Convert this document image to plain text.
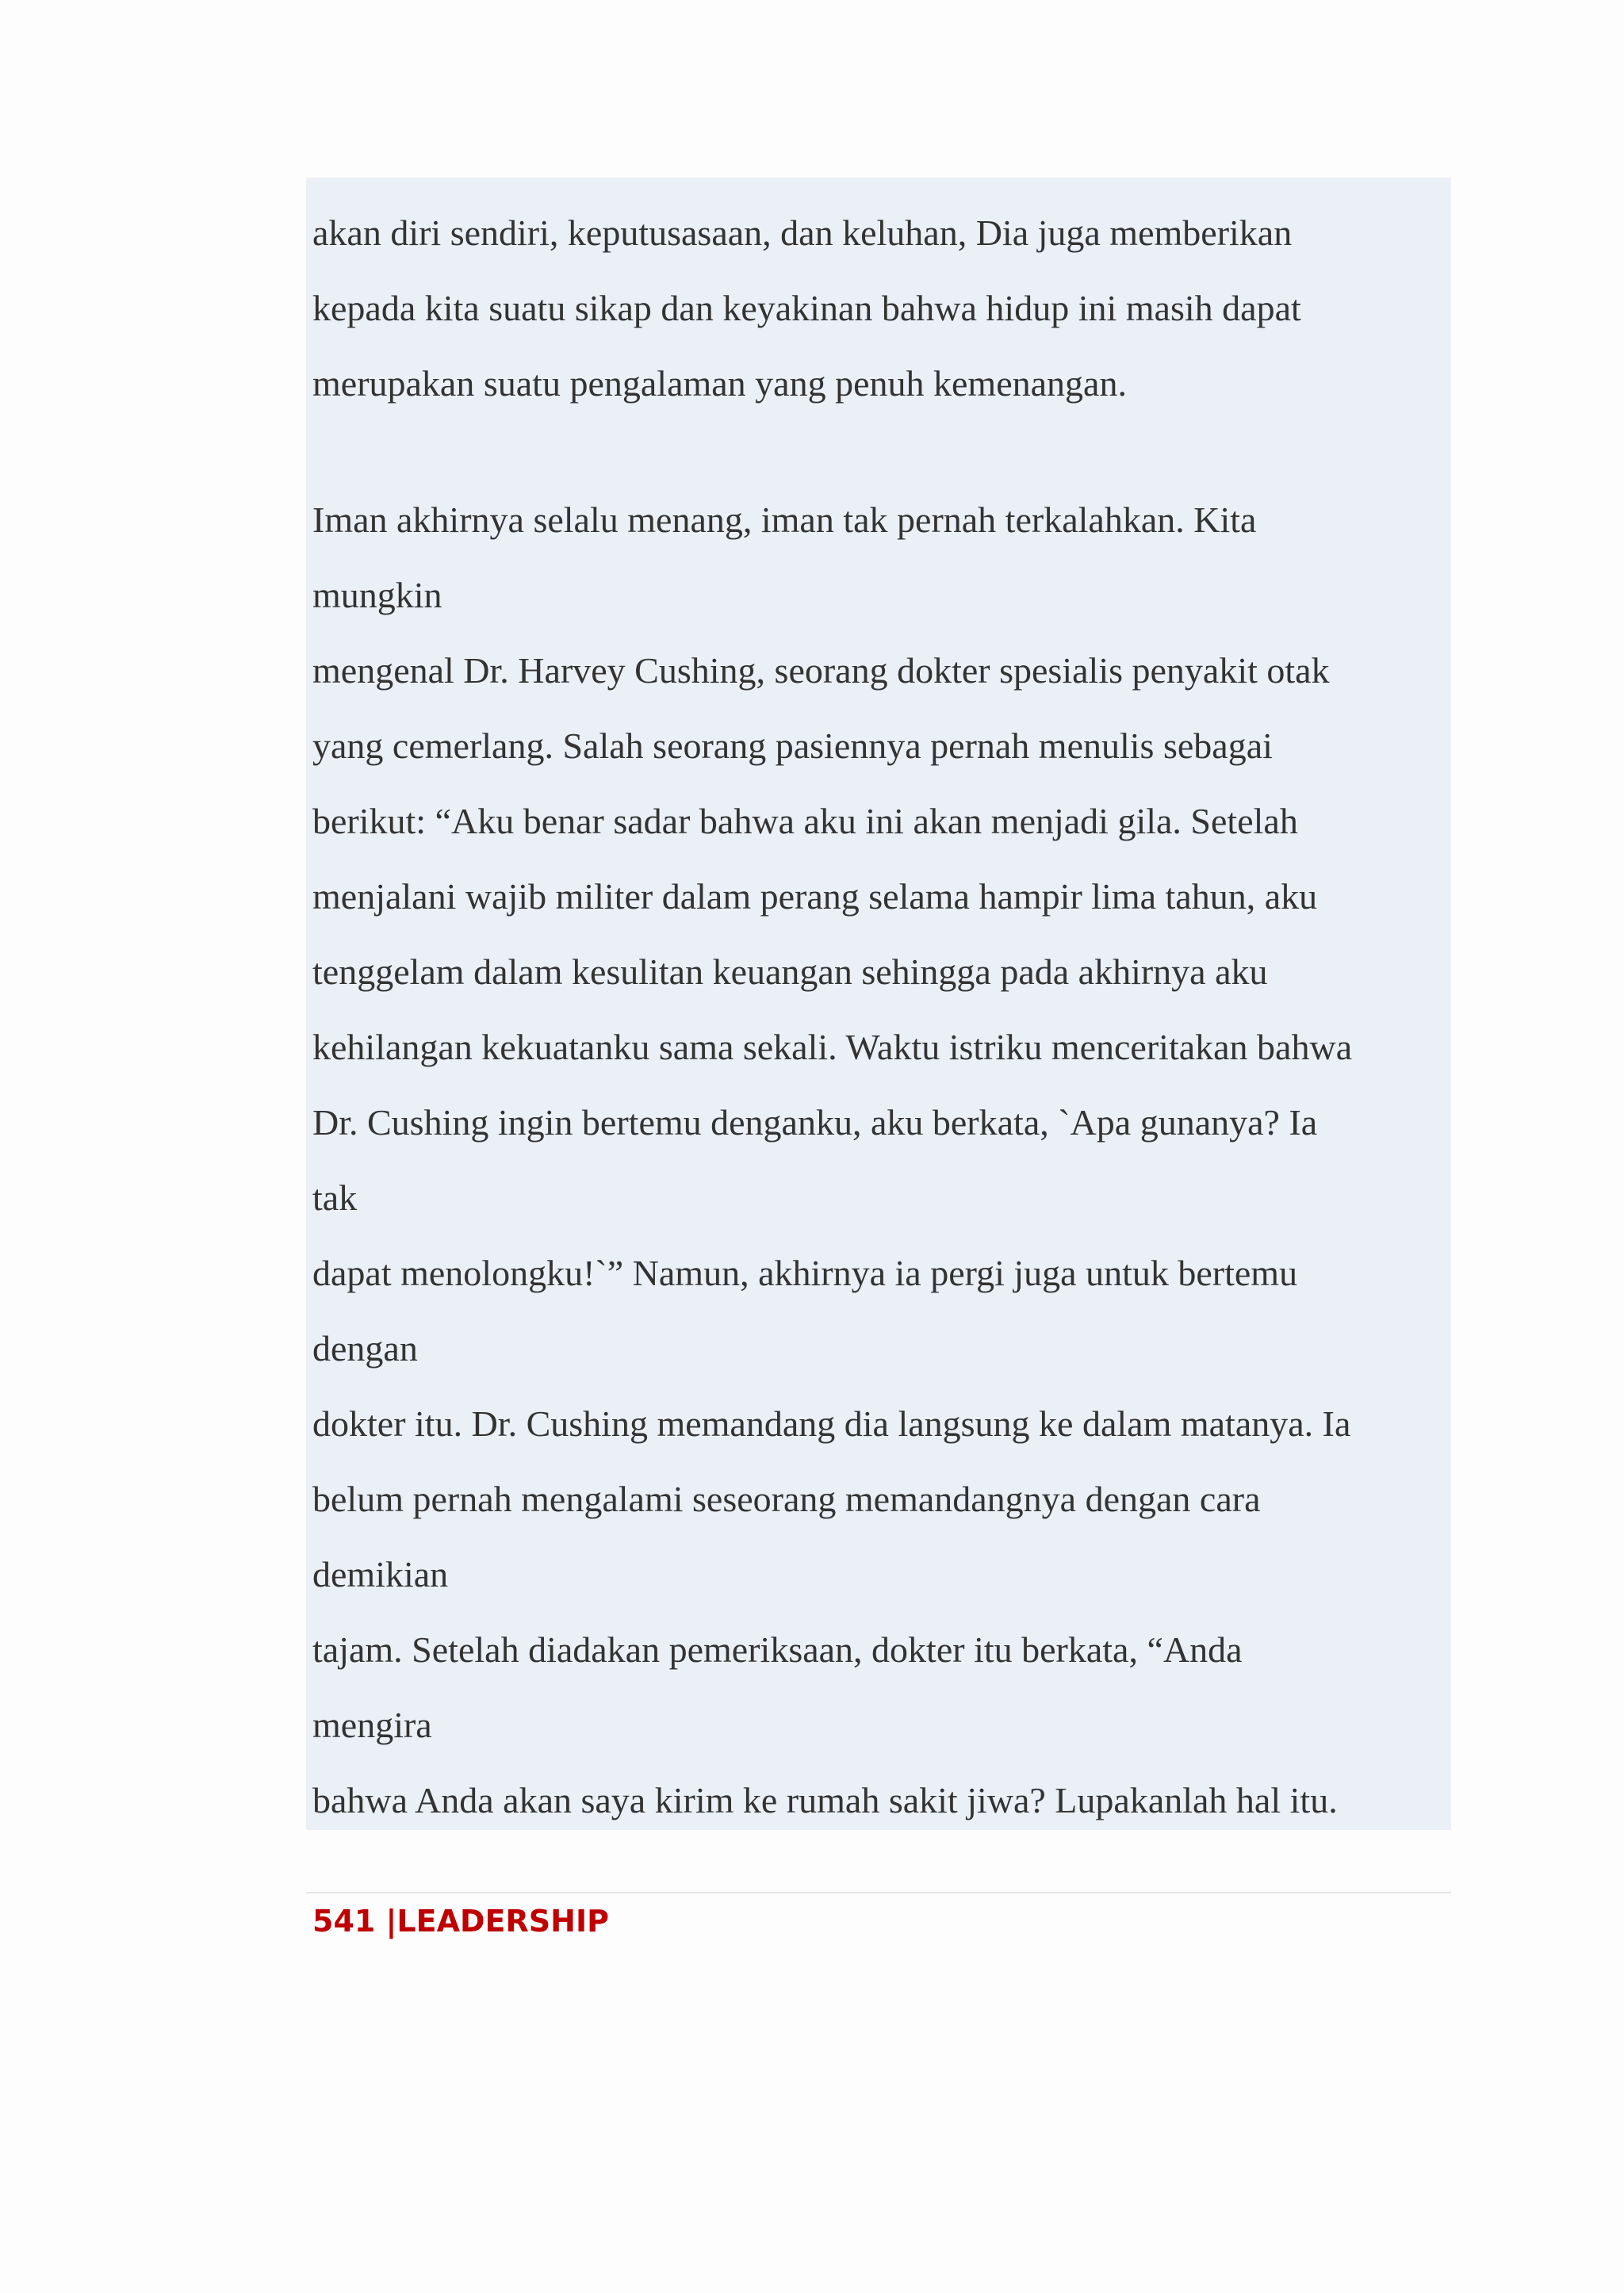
akan diri sendiri, keputusasaan, dan keluhan, Dia juga memberikan
kepada kita suatu sikap dan keyakinan bahwa hidup ini masih dapat
merupakan suatu pengalaman yang penuh kemenangan.
Iman akhirnya selalu menang, iman tak pernah terkalahkan. Kita
mungkin
mengenal Dr. Harvey Cushing, seorang dokter spesialis penyakit otak
yang cemerlang. Salah seorang pasiennya pernah menulis sebagai
berikut: “Aku benar sadar bahwa aku ini akan menjadi gila. Setelah
menjalani wajib militer dalam perang selama hampir lima tahun, aku
tenggelam dalam kesulitan keuangan sehingga pada akhirnya aku
kehilangan kekuatanku sama sekali. Waktu istriku menceritakan bahwa
Dr. Cushing ingin bertemu denganku, aku berkata, `Apa gunanya? Ia
tak
dapat menolongku!`” Namun, akhirnya ia pergi juga untuk bertemu
dengan
dokter itu. Dr. Cushing memandang dia langsung ke dalam matanya. Ia
belum pernah mengalami seseorang memandangnya dengan cara
demikian
tajam. Setelah diadakan pemeriksaan, dokter itu berkata, “Anda
mengira
bahwa Anda akan saya kirim ke rumah sakit jiwa? Lupakanlah hal itu.
541 |LEADERSHIP
